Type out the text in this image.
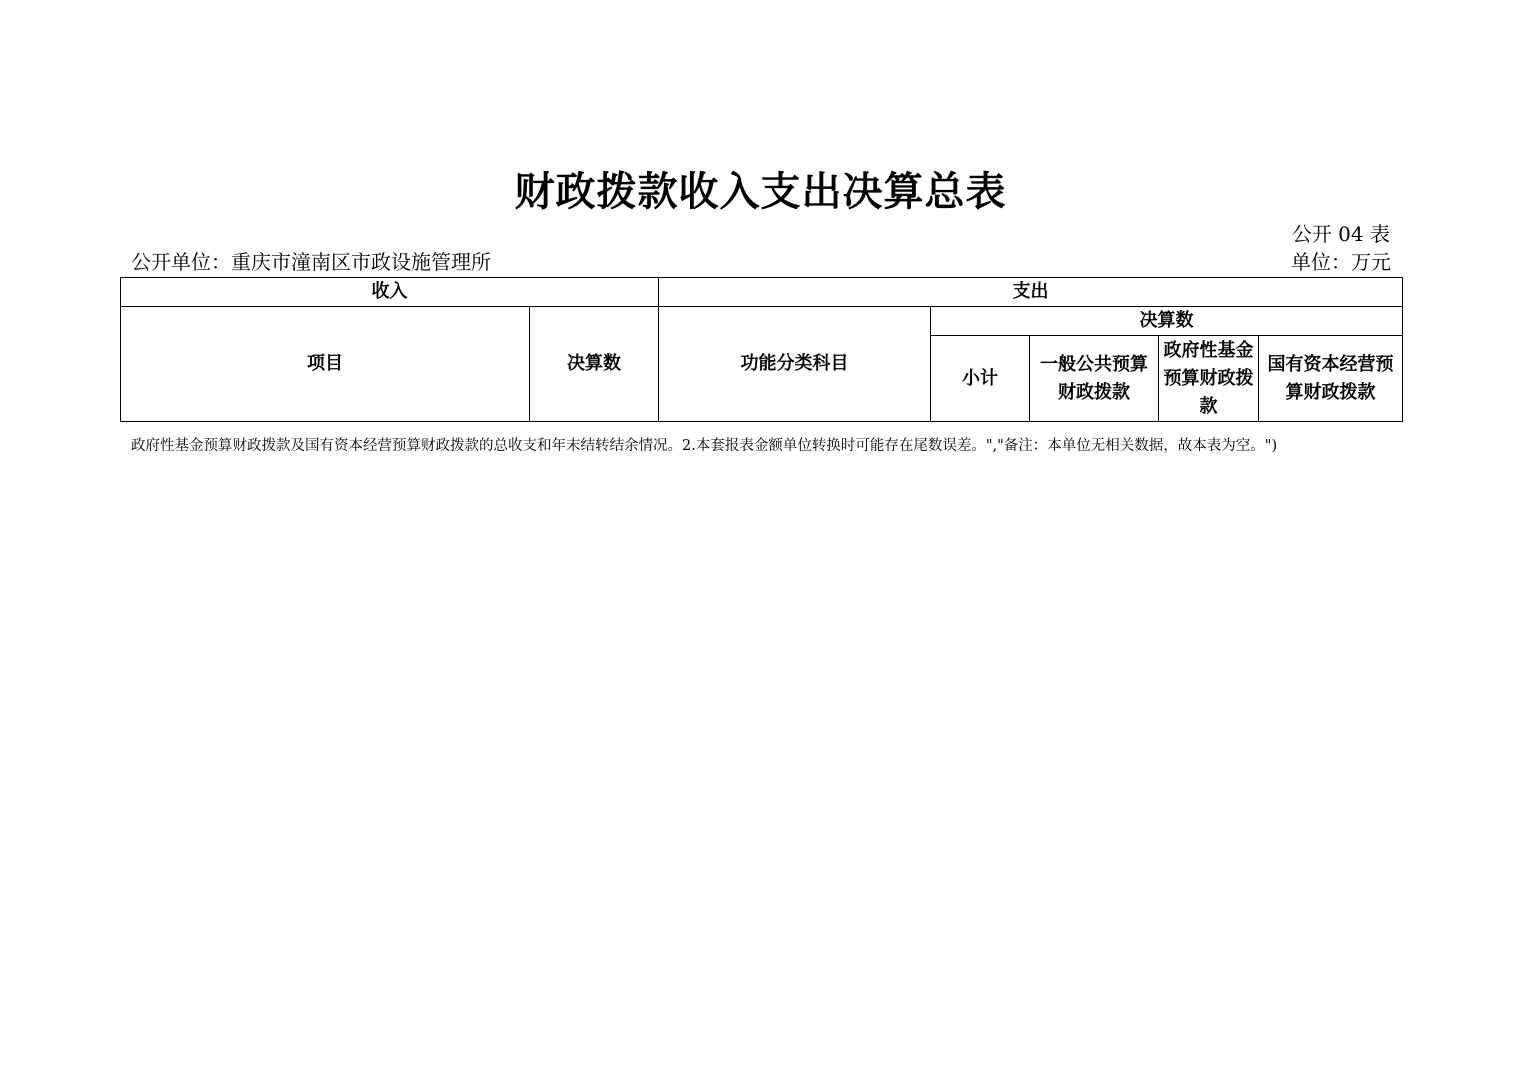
财政拨款收入支出决算总表
公开 04 表
公开单位：重庆市潼南区市政设施管理所	单位：万元
收入		支出				
项目	决算数	功能分类科目	决算数			
			小计	一般公共预算财政拨款	政府性基金预算财政拨款	国有资本经营预算财政拨款
政府性基金预算财政拨款及国有资本经营预算财政拨款的总收支和年末结转结余情况。2.本套报表金额单位转换时可能存在尾数误差。","备注：本单位无相关数据，故本表为空。")
